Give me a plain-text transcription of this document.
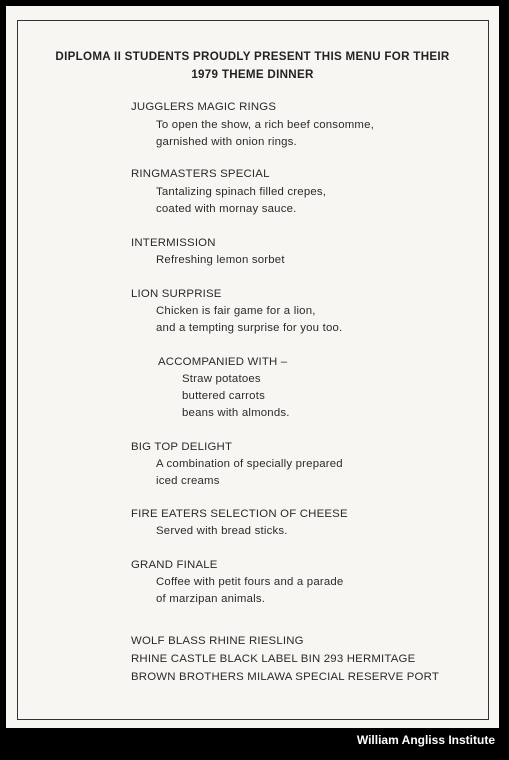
DIPLOMA II STUDENTS PROUDLY PRESENT THIS MENU FOR THEIR
1979 THEME DINNER
JUGGLERS MAGIC RINGS
To open the show, a rich beef consomme,
garnished with onion rings.
RINGMASTERS SPECIAL
Tantalizing spinach filled crepes,
coated with mornay sauce.
INTERMISSION
Refreshing lemon sorbet
LION SURPRISE
Chicken is fair game for a lion,
and a tempting surprise for you too.
ACCOMPANIED WITH –
Straw potatoes
buttered carrots
beans with almonds.
BIG TOP DELIGHT
A combination of specially prepared
iced creams
FIRE EATERS SELECTION OF CHEESE
Served with bread sticks.
GRAND FINALE
Coffee with petit fours and a parade
of marzipan animals.
WOLF BLASS RHINE RIESLING
RHINE CASTLE BLACK LABEL BIN 293 HERMITAGE
BROWN BROTHERS MILAWA SPECIAL RESERVE PORT
William Angliss Institute
